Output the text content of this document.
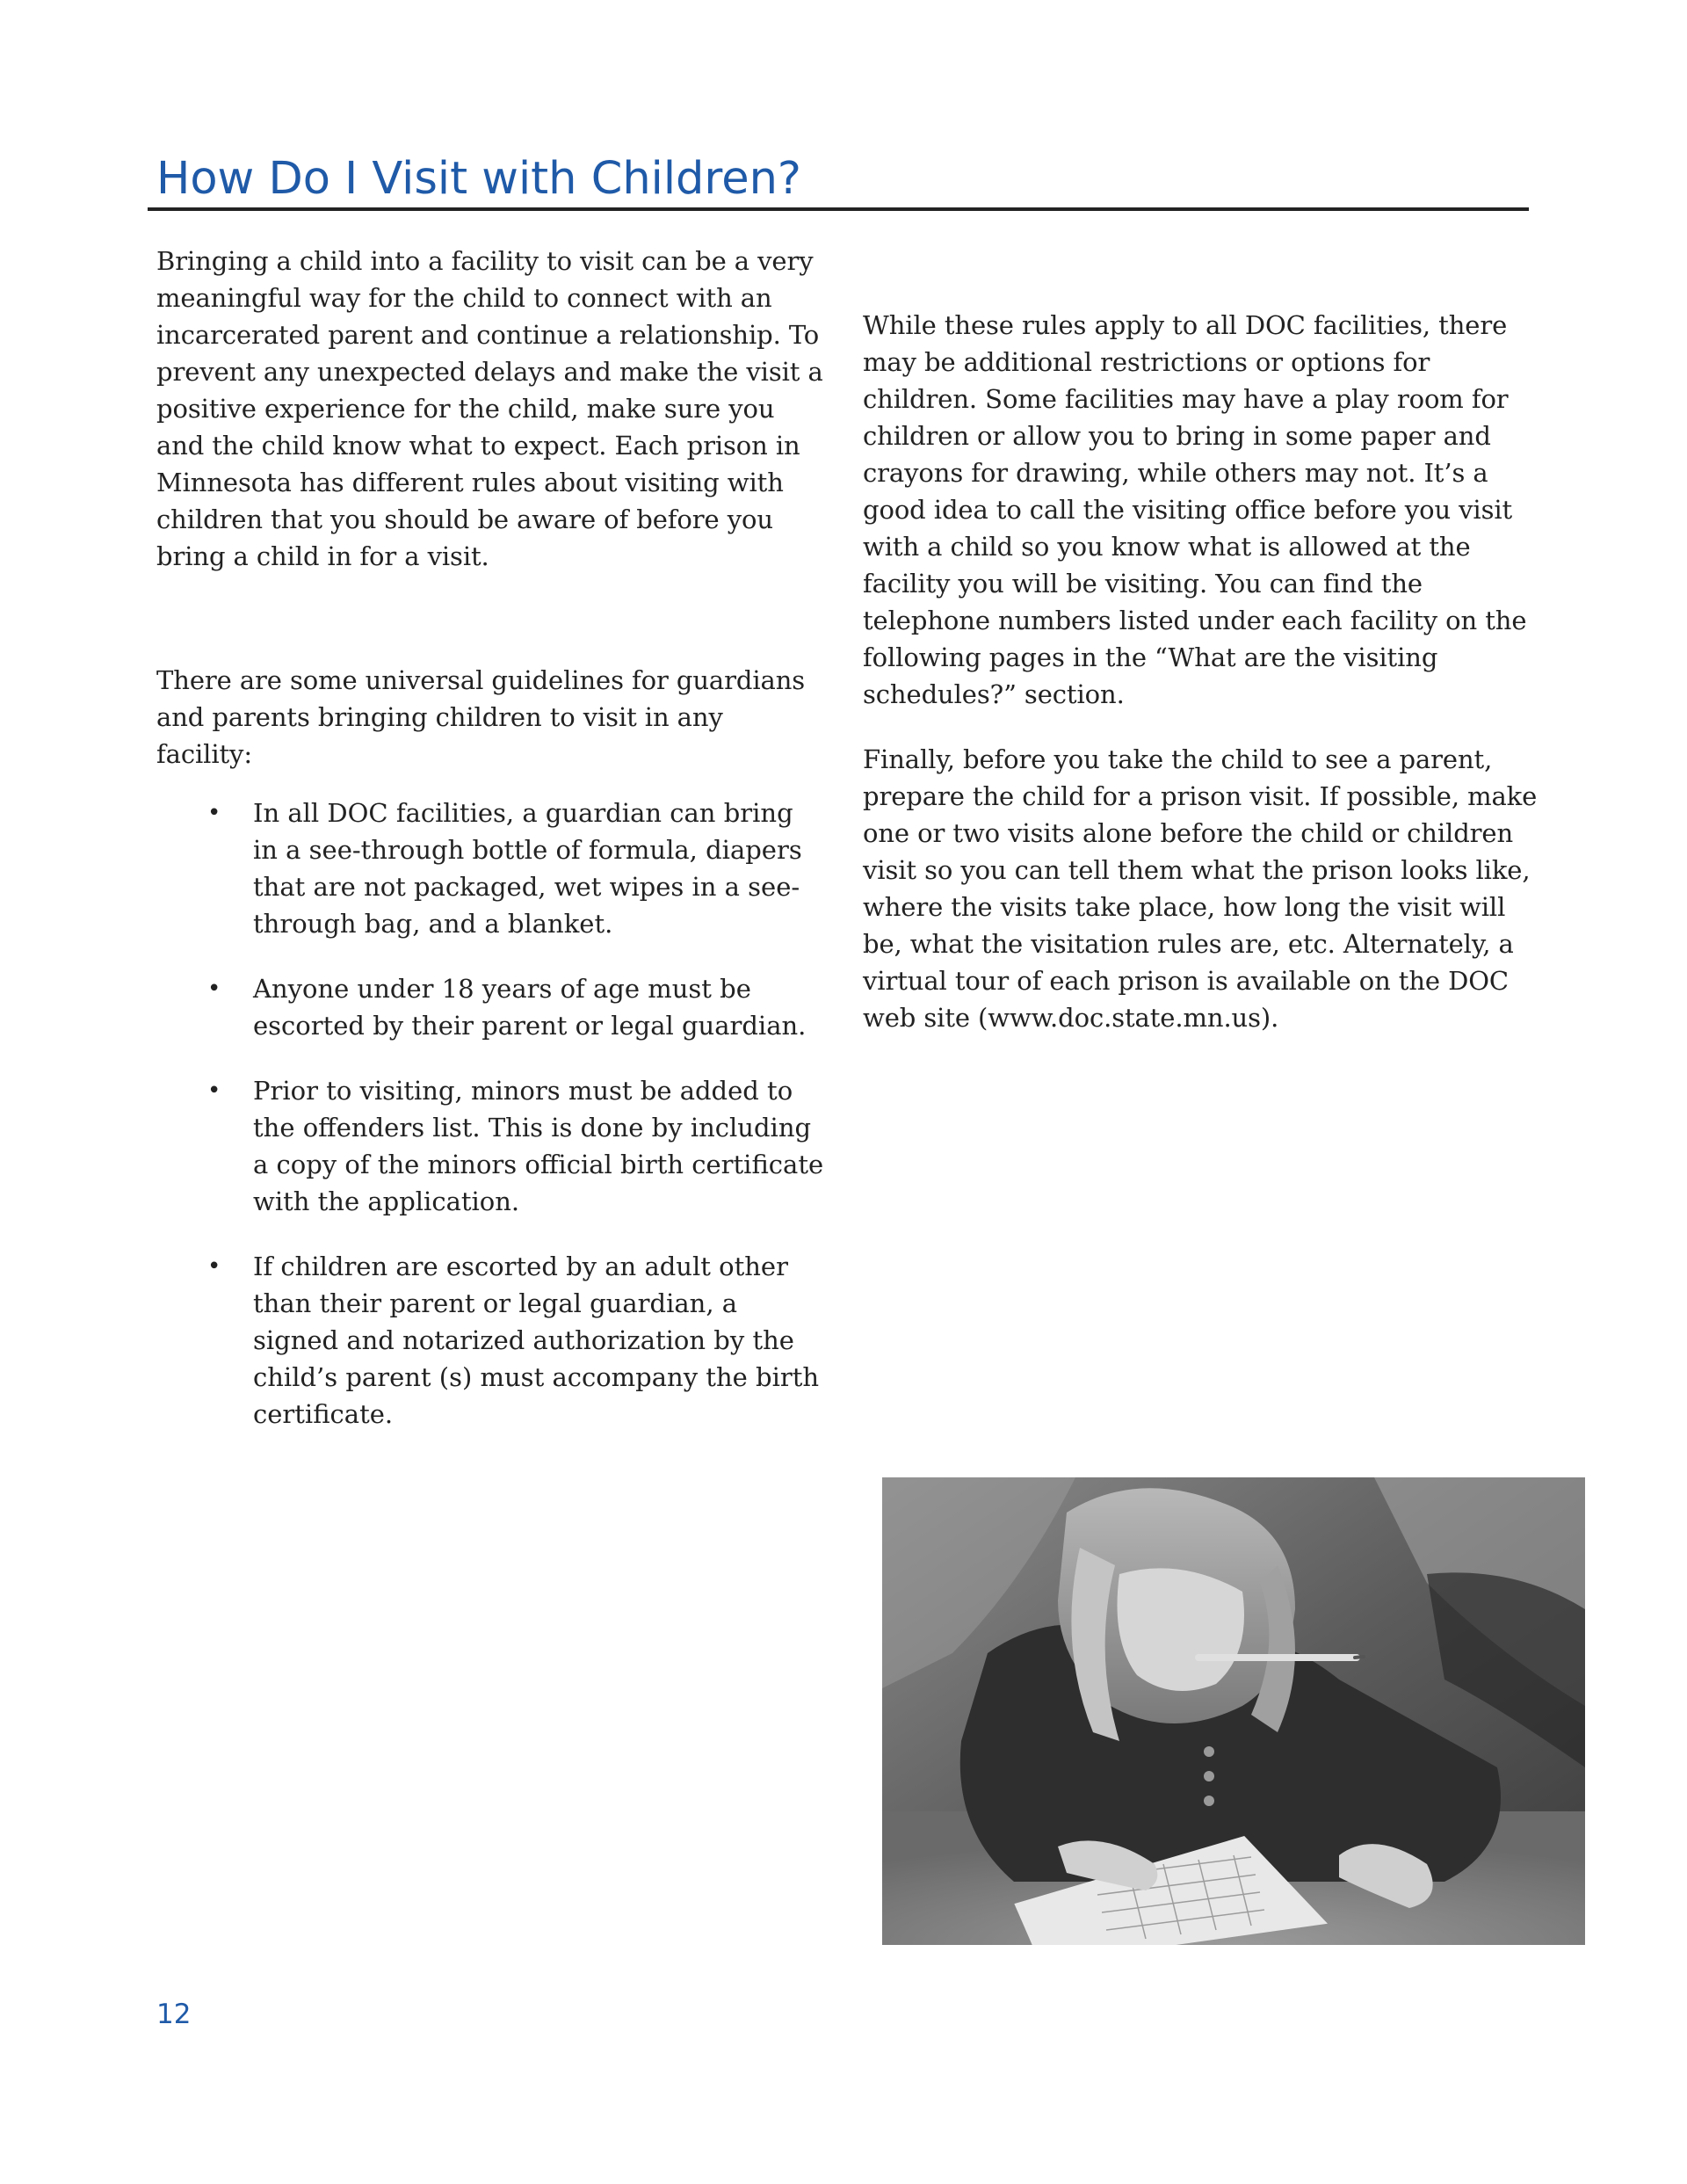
How Do I Visit with Children?

Bringing a child into a facility to visit can be a very meaningful way for the child to connect with an incarcerated parent and continue a relationship. To prevent any unexpected delays and make the visit a positive experience for the child, make sure you and the child know what to expect. Each prison in Minnesota has different rules about visiting with children that you should be aware of before you bring a child in for a visit.

There are some universal guidelines for guardians and parents bringing children to visit in any facility:

• In all DOC facilities, a guardian can bring in a see-through bottle of formula, diapers that are not packaged, wet wipes in a see-through bag, and a blanket.
• Anyone under 18 years of age must be escorted by their parent or legal guardian.
• Prior to visiting, minors must be added to the offenders list. This is done by including a copy of the minors official birth certificate with the application.
• If children are escorted by an adult other than their parent or legal guardian, a signed and notarized authorization by the child’s parent (s) must accompany the birth certificate.

While these rules apply to all DOC facilities, there may be additional restrictions or options for children. Some facilities may have a play room for children or allow you to bring in some paper and crayons for drawing, while others may not. It’s a good idea to call the visiting office before you visit with a child so you know what is allowed at the facility you will be visiting. You can find the telephone numbers listed under each facility on the following pages in the “What are the visiting schedules?” section.

Finally, before you take the child to see a parent, prepare the child for a prison visit. If possible, make one or two visits alone before the child or children visit so you can tell them what the prison looks like, where the visits take place, how long the visit will be, what the visitation rules are, etc. Alternately, a virtual tour of each prison is available on the DOC web site (www.doc.state.mn.us).

12
